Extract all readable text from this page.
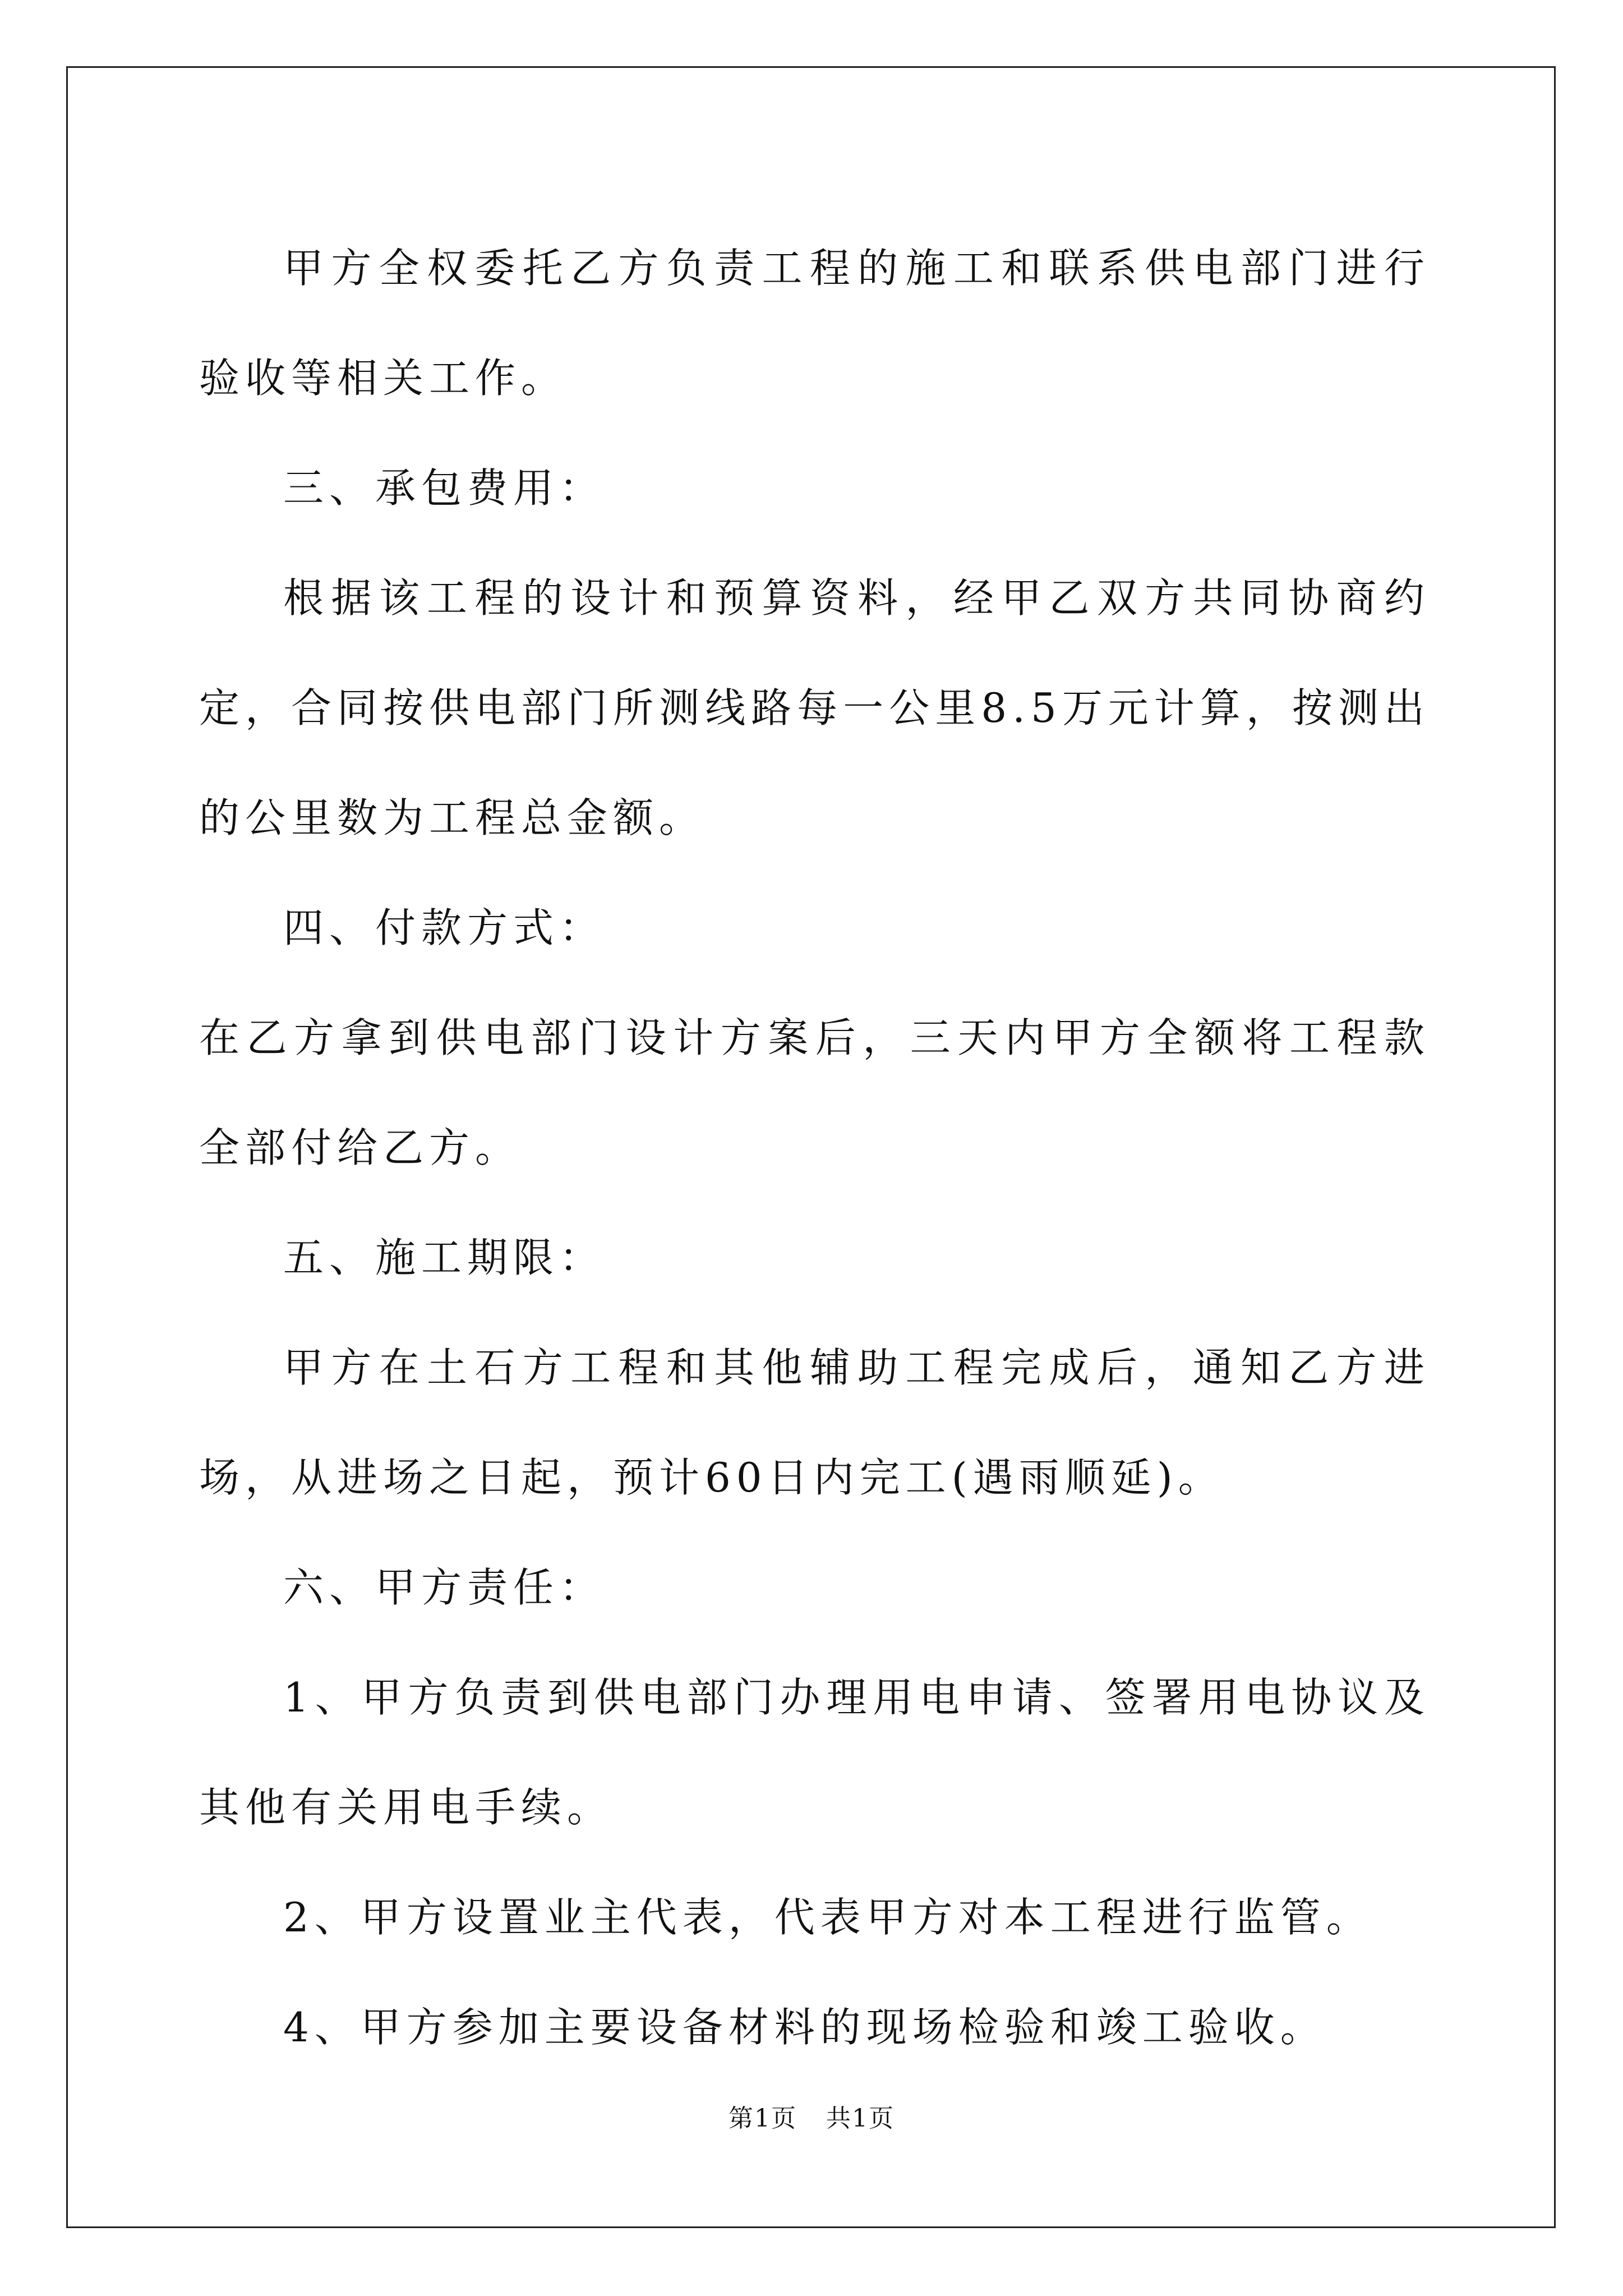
甲方全权委托乙方负责工程的施工和联系供电部门进行验收等相关工作。

三、承包费用：

根据该工程的设计和预算资料，经甲乙双方共同协商约定，合同按供电部门所测线路每一公里8.5万元计算，按测出的公里数为工程总金额。

四、付款方式：

在乙方拿到供电部门设计方案后，三天内甲方全额将工程款全部付给乙方。

五、施工期限：

甲方在土石方工程和其他辅助工程完成后，通知乙方进场，从进场之日起，预计60日内完工(遇雨顺延)。

六、甲方责任：

1、甲方负责到供电部门办理用电申请、签署用电协议及其他有关用电手续。

2、甲方设置业主代表，代表甲方对本工程进行监管。

4、甲方参加主要设备材料的现场检验和竣工验收。

第1页 共1页
